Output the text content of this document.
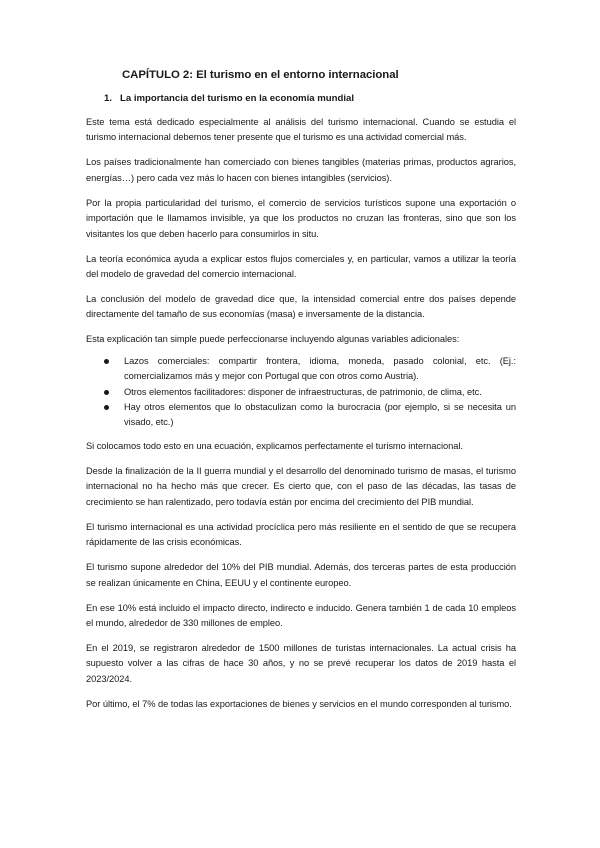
CAPÍTULO 2: El turismo en el entorno internacional
1. La importancia del turismo en la economía mundial

Este tema está dedicado especialmente al análisis del turismo internacional. Cuando se estudia el turismo internacional debemos tener presente que el turismo es una actividad comercial más.

Los países tradicionalmente han comerciado con bienes tangibles (materias primas, productos agrarios, energías…) pero cada vez más lo hacen con bienes intangibles (servicios).

Por la propia particularidad del turismo, el comercio de servicios turísticos supone una exportación o importación que le llamamos invisible, ya que los productos no cruzan las fronteras, sino que son los visitantes los que deben hacerlo para consumirlos in situ.

La teoría económica ayuda a explicar estos flujos comerciales y, en particular, vamos a utilizar la teoría del modelo de gravedad del comercio internacional.

La conclusión del modelo de gravedad dice que, la intensidad comercial entre dos países depende directamente del tamaño de sus economías (masa) e inversamente de la distancia.

Esta explicación tan simple puede perfeccionarse incluyendo algunas variables adicionales:

Lazos comerciales: compartir frontera, idioma, moneda, pasado colonial, etc. (Ej.: comercializamos más y mejor con Portugal que con otros como Austria).
Otros elementos facilitadores: disponer de infraestructuras, de patrimonio, de clima, etc.
Hay otros elementos que lo obstaculizan como la burocracia (por ejemplo, si se necesita un visado, etc.)

Si colocamos todo esto en una ecuación, explicamos perfectamente el turismo internacional.

Desde la finalización de la II guerra mundial y el desarrollo del denominado turismo de masas, el turismo internacional no ha hecho más que crecer. Es cierto que, con el paso de las décadas, las tasas de crecimiento se han ralentizado, pero todavía están por encima del crecimiento del PIB mundial.

El turismo internacional es una actividad procíclica pero más resiliente en el sentido de que se recupera rápidamente de las crisis económicas.

El turismo supone alrededor del 10% del PIB mundial. Además, dos terceras partes de esta producción se realizan únicamente en China, EEUU y el continente europeo.

En ese 10% está incluido el impacto directo, indirecto e inducido. Genera también 1 de cada 10 empleos el mundo, alrededor de 330 millones de empleo.

En el 2019, se registraron alrededor de 1500 millones de turistas internacionales. La actual crisis ha supuesto volver a las cifras de hace 30 años, y no se prevé recuperar los datos de 2019 hasta el 2023/2024.

Por último, el 7% de todas las exportaciones de bienes y servicios en el mundo corresponden al turismo.
